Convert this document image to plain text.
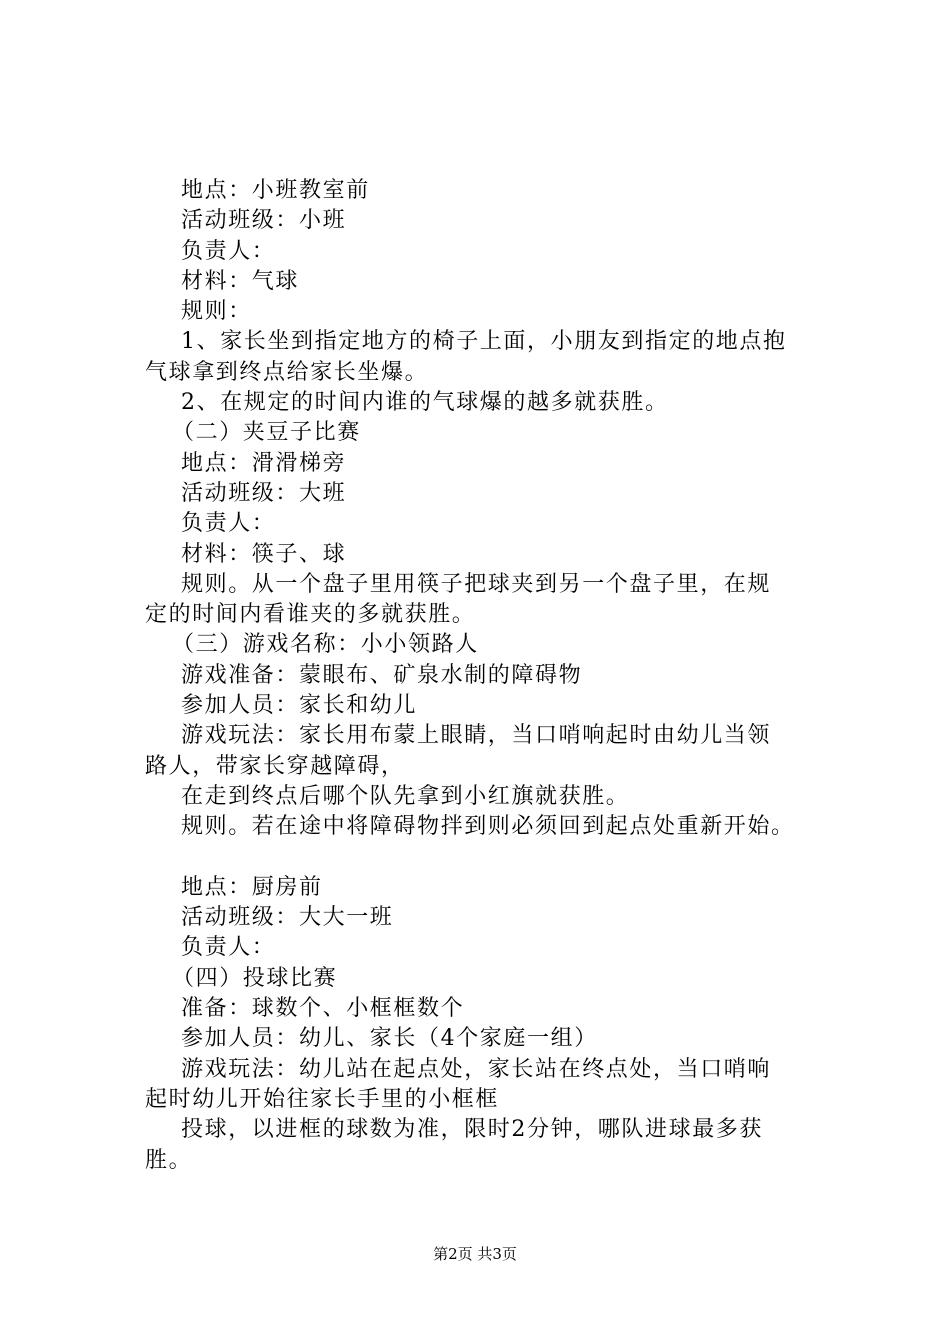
地点：小班教室前
活动班级：小班
负责人：
材料：气球
规则：
1、家长坐到指定地方的椅子上面，小朋友到指定的地点抱
气球拿到终点给家长坐爆。
2、在规定的时间内谁的气球爆的越多就获胜。
（二）夹豆子比赛
地点：滑滑梯旁
活动班级：大班
负责人：
材料：筷子、球
规则。从一个盘子里用筷子把球夹到另一个盘子里，在规
定的时间内看谁夹的多就获胜。
（三）游戏名称：小小领路人
游戏准备：蒙眼布、矿泉水制的障碍物
参加人员：家长和幼儿
游戏玩法：家长用布蒙上眼睛，当口哨响起时由幼儿当领
路人，带家长穿越障碍，
在走到终点后哪个队先拿到小红旗就获胜。
规则。若在途中将障碍物拌到则必须回到起点处重新开始。
地点：厨房前
活动班级：大大一班
负责人：
（四）投球比赛
准备：球数个、小框框数个
参加人员：幼儿、家长（4个家庭一组）
游戏玩法：幼儿站在起点处，家长站在终点处，当口哨响
起时幼儿开始往家长手里的小框框
投球，以进框的球数为准，限时2分钟，哪队进球最多获
胜。
第2页 共3页
